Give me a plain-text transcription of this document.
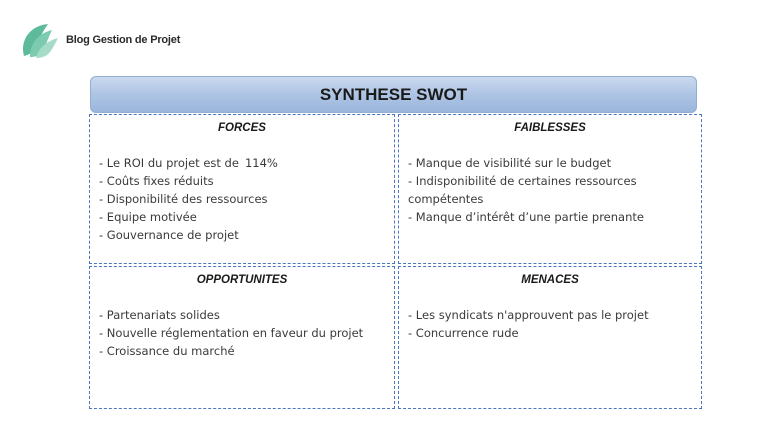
Blog Gestion de Projet
SYNTHESE SWOT
FORCES
- Le ROI du projet est de 114%
- Coûts fixes réduits
- Disponibilité des ressources
- Equipe motivée
- Gouvernance de projet
FAIBLESSES
- Manque de visibilité sur le budget
- Indisponibilité de certaines ressources
compétentes
- Manque d’intérêt d’une partie prenante
OPPORTUNITES
- Partenariats solides
- Nouvelle réglementation en faveur du projet
- Croissance du marché
MENACES
- Les syndicats n'approuvent pas le projet
- Concurrence rude
